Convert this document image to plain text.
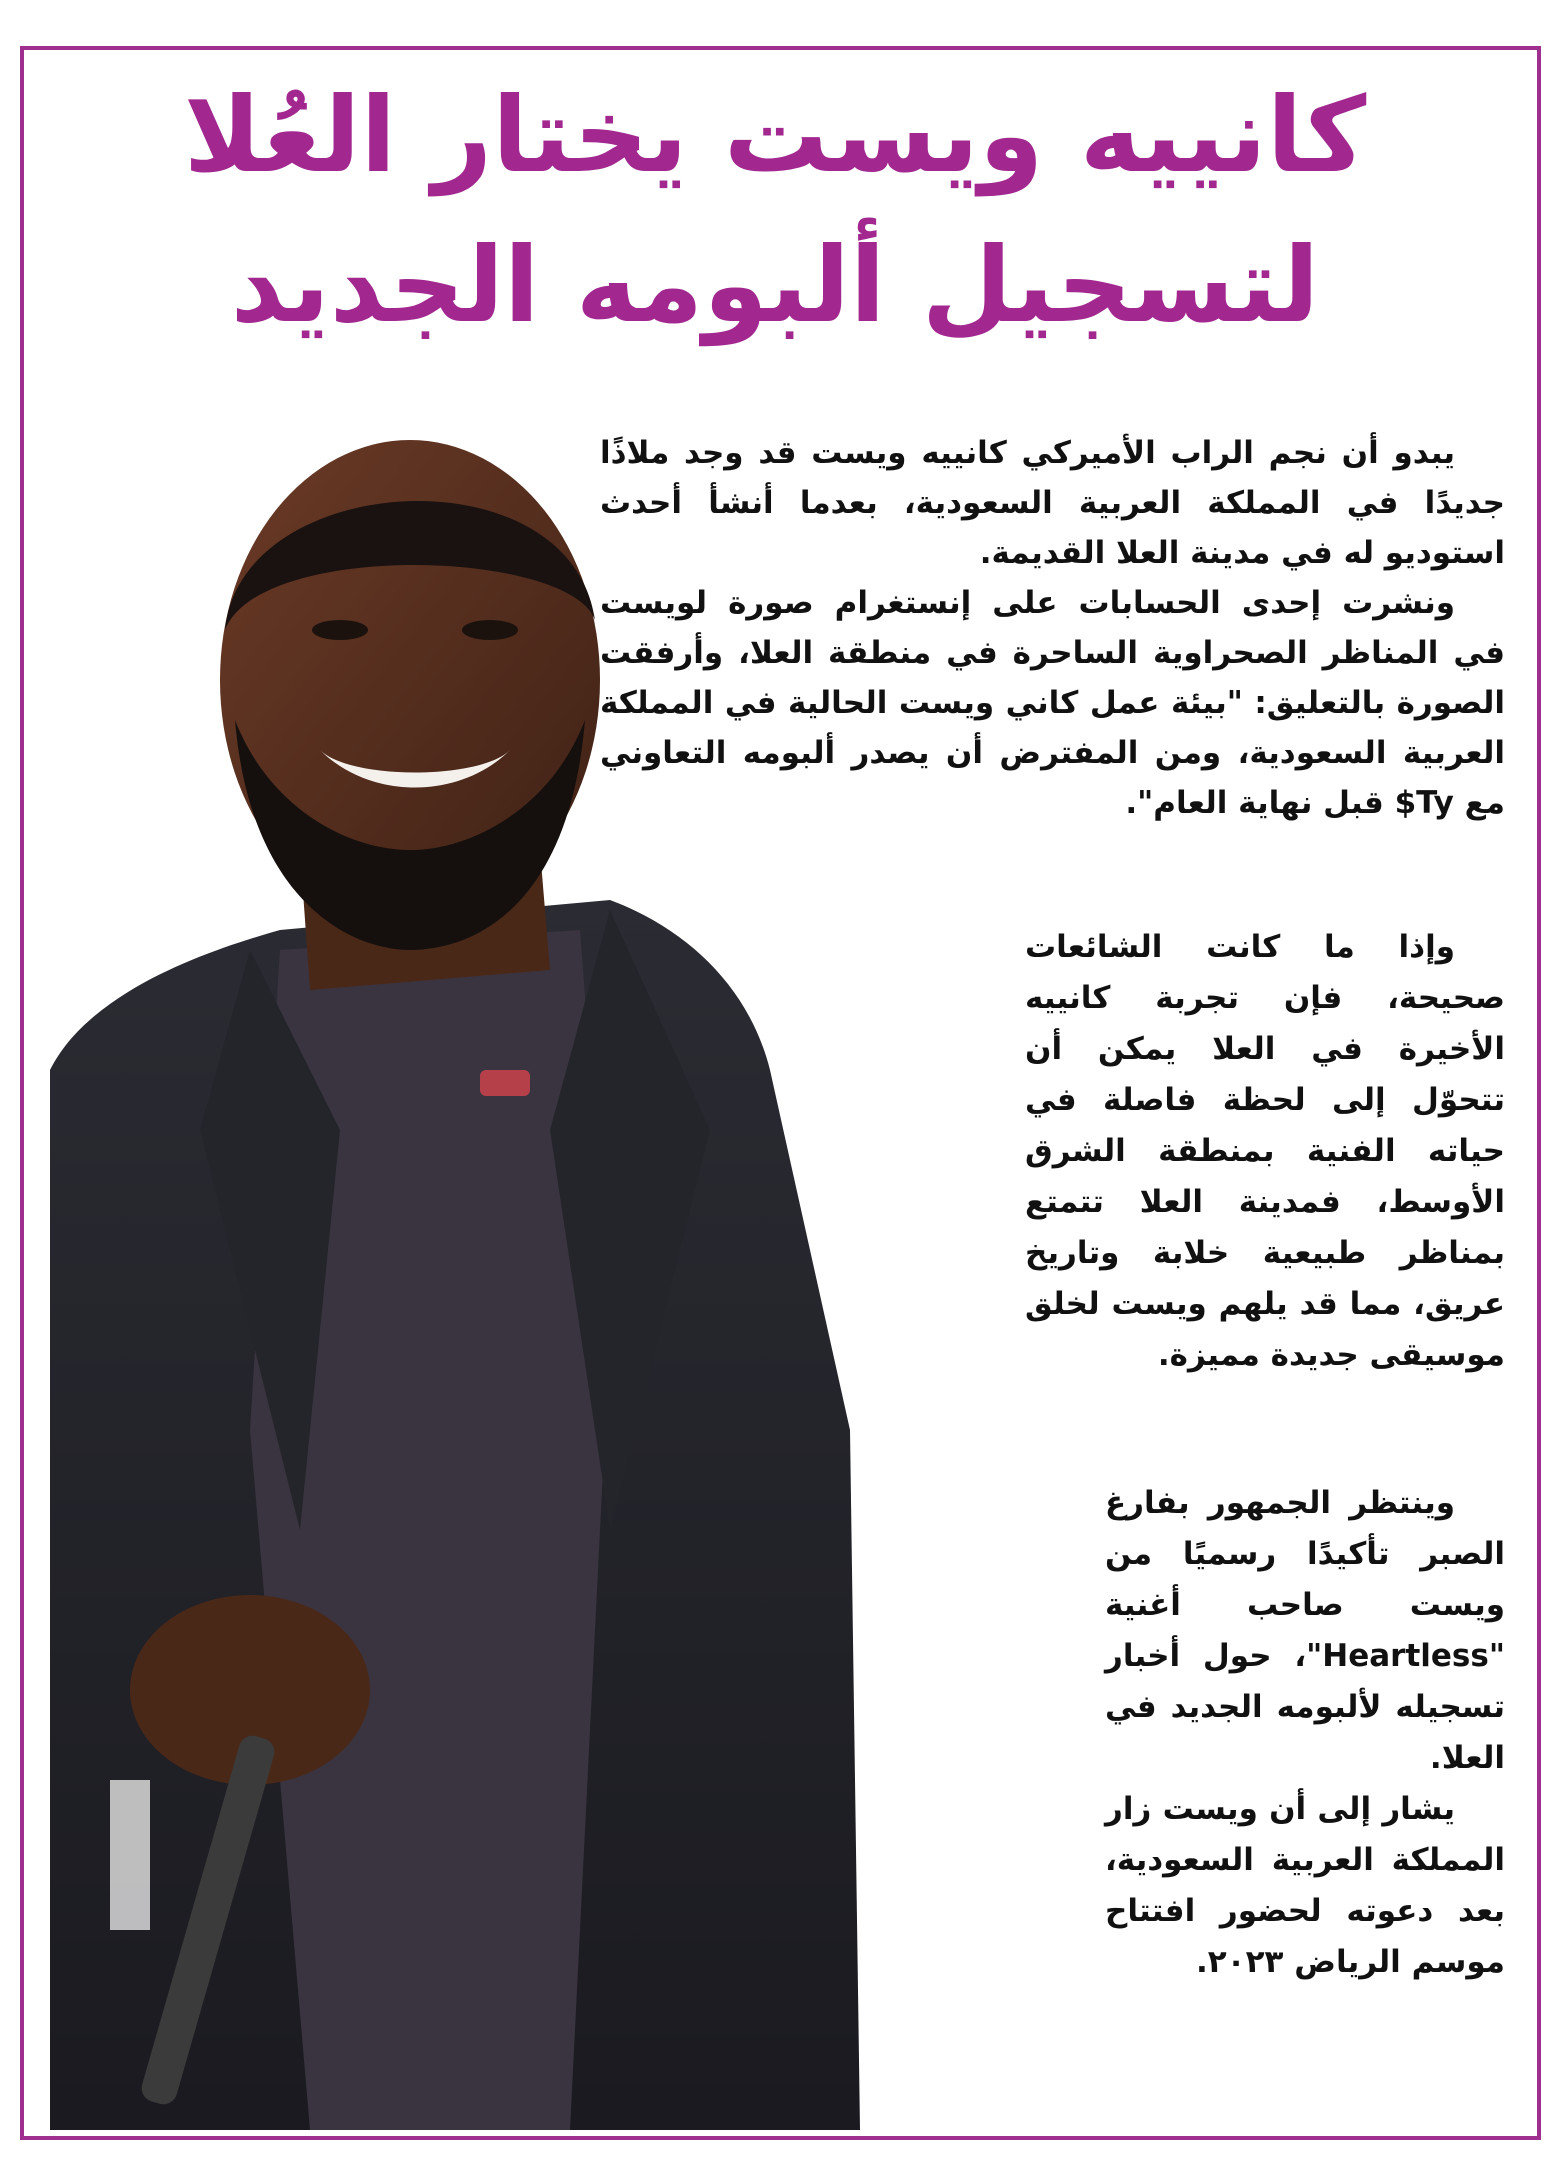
كانييه ويست يختار العُلا
لتسجيل ألبومه الجديد

يبدو أن نجم الراب الأميركي كانييه ويست قد وجد ملاذًا جديدًا في المملكة العربية السعودية، بعدما أنشأ أحدث استوديو له في مدينة العلا القديمة.

ونشرت إحدى الحسابات على إنستغرام صورة لويست في المناظر الصحراوية الساحرة في منطقة العلا، وأرفقت الصورة بالتعليق: "بيئة عمل كاني ويست الحالية في المملكة العربية السعودية، ومن المفترض أن يصدر ألبومه التعاوني مع Ty$ قبل نهاية العام".

وإذا ما كانت الشائعات صحيحة، فإن تجربة كانييه الأخيرة في العلا يمكن أن تتحوّل إلى لحظة فاصلة في حياته الفنية بمنطقة الشرق الأوسط، فمدينة العلا تتمتع بمناظر طبيعية خلابة وتاريخ عريق، مما قد يلهم ويست لخلق موسيقى جديدة مميزة.

وينتظر الجمهور بفارغ الصبر تأكيدًا رسميًا من ويست صاحب أغنية "Heartless"، حول أخبار تسجيله لألبومه الجديد في العلا.

يشار إلى أن ويست زار المملكة العربية السعودية، بعد دعوته لحضور افتتاح موسم الرياض ٢٠٢٣.
